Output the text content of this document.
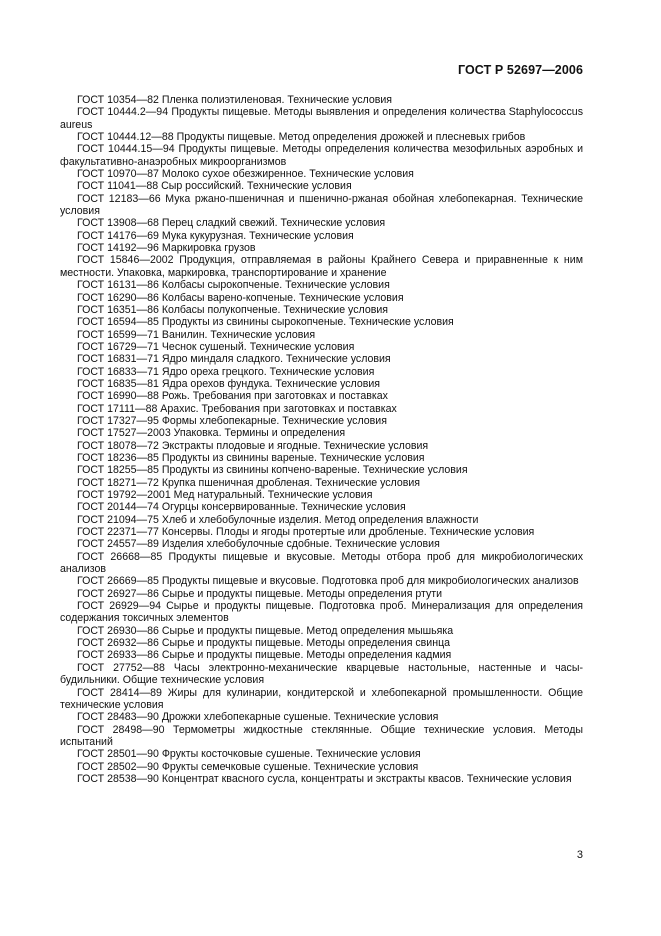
ГОСТ Р 52697—2006
ГОСТ 10354—82 Пленка полиэтиленовая. Технические условия
ГОСТ 10444.2—94 Продукты пищевые. Методы выявления и определения количества Staphylococcus aureus
ГОСТ 10444.12—88 Продукты пищевые. Метод определения дрожжей и плесневых грибов
ГОСТ 10444.15—94 Продукты пищевые. Методы определения количества мезофильных аэробных и факультативно-анаэробных микроорганизмов
ГОСТ 10970—87 Молоко сухое обезжиренное. Технические условия
ГОСТ 11041—88 Сыр российский. Технические условия
ГОСТ 12183—66 Мука ржано-пшеничная и пшенично-ржаная обойная хлебопекарная. Технические условия
ГОСТ 13908—68 Перец сладкий свежий. Технические условия
ГОСТ 14176—69 Мука кукурузная. Технические условия
ГОСТ 14192—96 Маркировка грузов
ГОСТ 15846—2002 Продукция, отправляемая в районы Крайнего Севера и приравненные к ним местности. Упаковка, маркировка, транспортирование и хранение
ГОСТ 16131—86 Колбасы сырокопченые. Технические условия
ГОСТ 16290—86 Колбасы варено-копченые. Технические условия
ГОСТ 16351—86 Колбасы полукопченые. Технические условия
ГОСТ 16594—85 Продукты из свинины сырокопченые. Технические условия
ГОСТ 16599—71 Ванилин. Технические условия
ГОСТ 16729—71 Чеснок сушеный. Технические условия
ГОСТ 16831—71 Ядро миндаля сладкого. Технические условия
ГОСТ 16833—71 Ядро ореха грецкого. Технические условия
ГОСТ 16835—81 Ядра орехов фундука. Технические условия
ГОСТ 16990—88 Рожь. Требования при заготовках и поставках
ГОСТ 17111—88 Арахис. Требования при заготовках и поставках
ГОСТ 17327—95 Формы хлебопекарные. Технические условия
ГОСТ 17527—2003 Упаковка. Термины и определения
ГОСТ 18078—72 Экстракты плодовые и ягодные. Технические условия
ГОСТ 18236—85 Продукты из свинины вареные. Технические условия
ГОСТ 18255—85 Продукты из свинины копчено-вареные. Технические условия
ГОСТ 18271—72 Крупка пшеничная дробленая. Технические условия
ГОСТ 19792—2001 Мед натуральный. Технические условия
ГОСТ 20144—74 Огурцы консервированные. Технические условия
ГОСТ 21094—75 Хлеб и хлебобулочные изделия. Метод определения влажности
ГОСТ 22371—77 Консервы. Плоды и ягоды протертые или дробленые. Технические условия
ГОСТ 24557—89 Изделия хлебобулочные сдобные. Технические условия
ГОСТ 26668—85 Продукты пищевые и вкусовые. Методы отбора проб для микробиологических анализов
ГОСТ 26669—85 Продукты пищевые и вкусовые. Подготовка проб для микробиологических анализов
ГОСТ 26927—86 Сырье и продукты пищевые. Методы определения ртути
ГОСТ 26929—94 Сырье и продукты пищевые. Подготовка проб. Минерализация для определения содержания токсичных элементов
ГОСТ 26930—86 Сырье и продукты пищевые. Метод определения мышьяка
ГОСТ 26932—86 Сырье и продукты пищевые. Методы определения свинца
ГОСТ 26933—86 Сырье и продукты пищевые. Методы определения кадмия
ГОСТ 27752—88 Часы электронно-механические кварцевые настольные, настенные и часы-будильники. Общие технические условия
ГОСТ 28414—89 Жиры для кулинарии, кондитерской и хлебопекарной промышленности. Общие технические условия
ГОСТ 28483—90 Дрожжи хлебопекарные сушеные. Технические условия
ГОСТ 28498—90 Термометры жидкостные стеклянные. Общие технические условия. Методы испытаний
ГОСТ 28501—90 Фрукты косточковые сушеные. Технические условия
ГОСТ 28502—90 Фрукты семечковые сушеные. Технические условия
ГОСТ 28538—90 Концентрат квасного сусла, концентраты и экстракты квасов. Технические условия
3
